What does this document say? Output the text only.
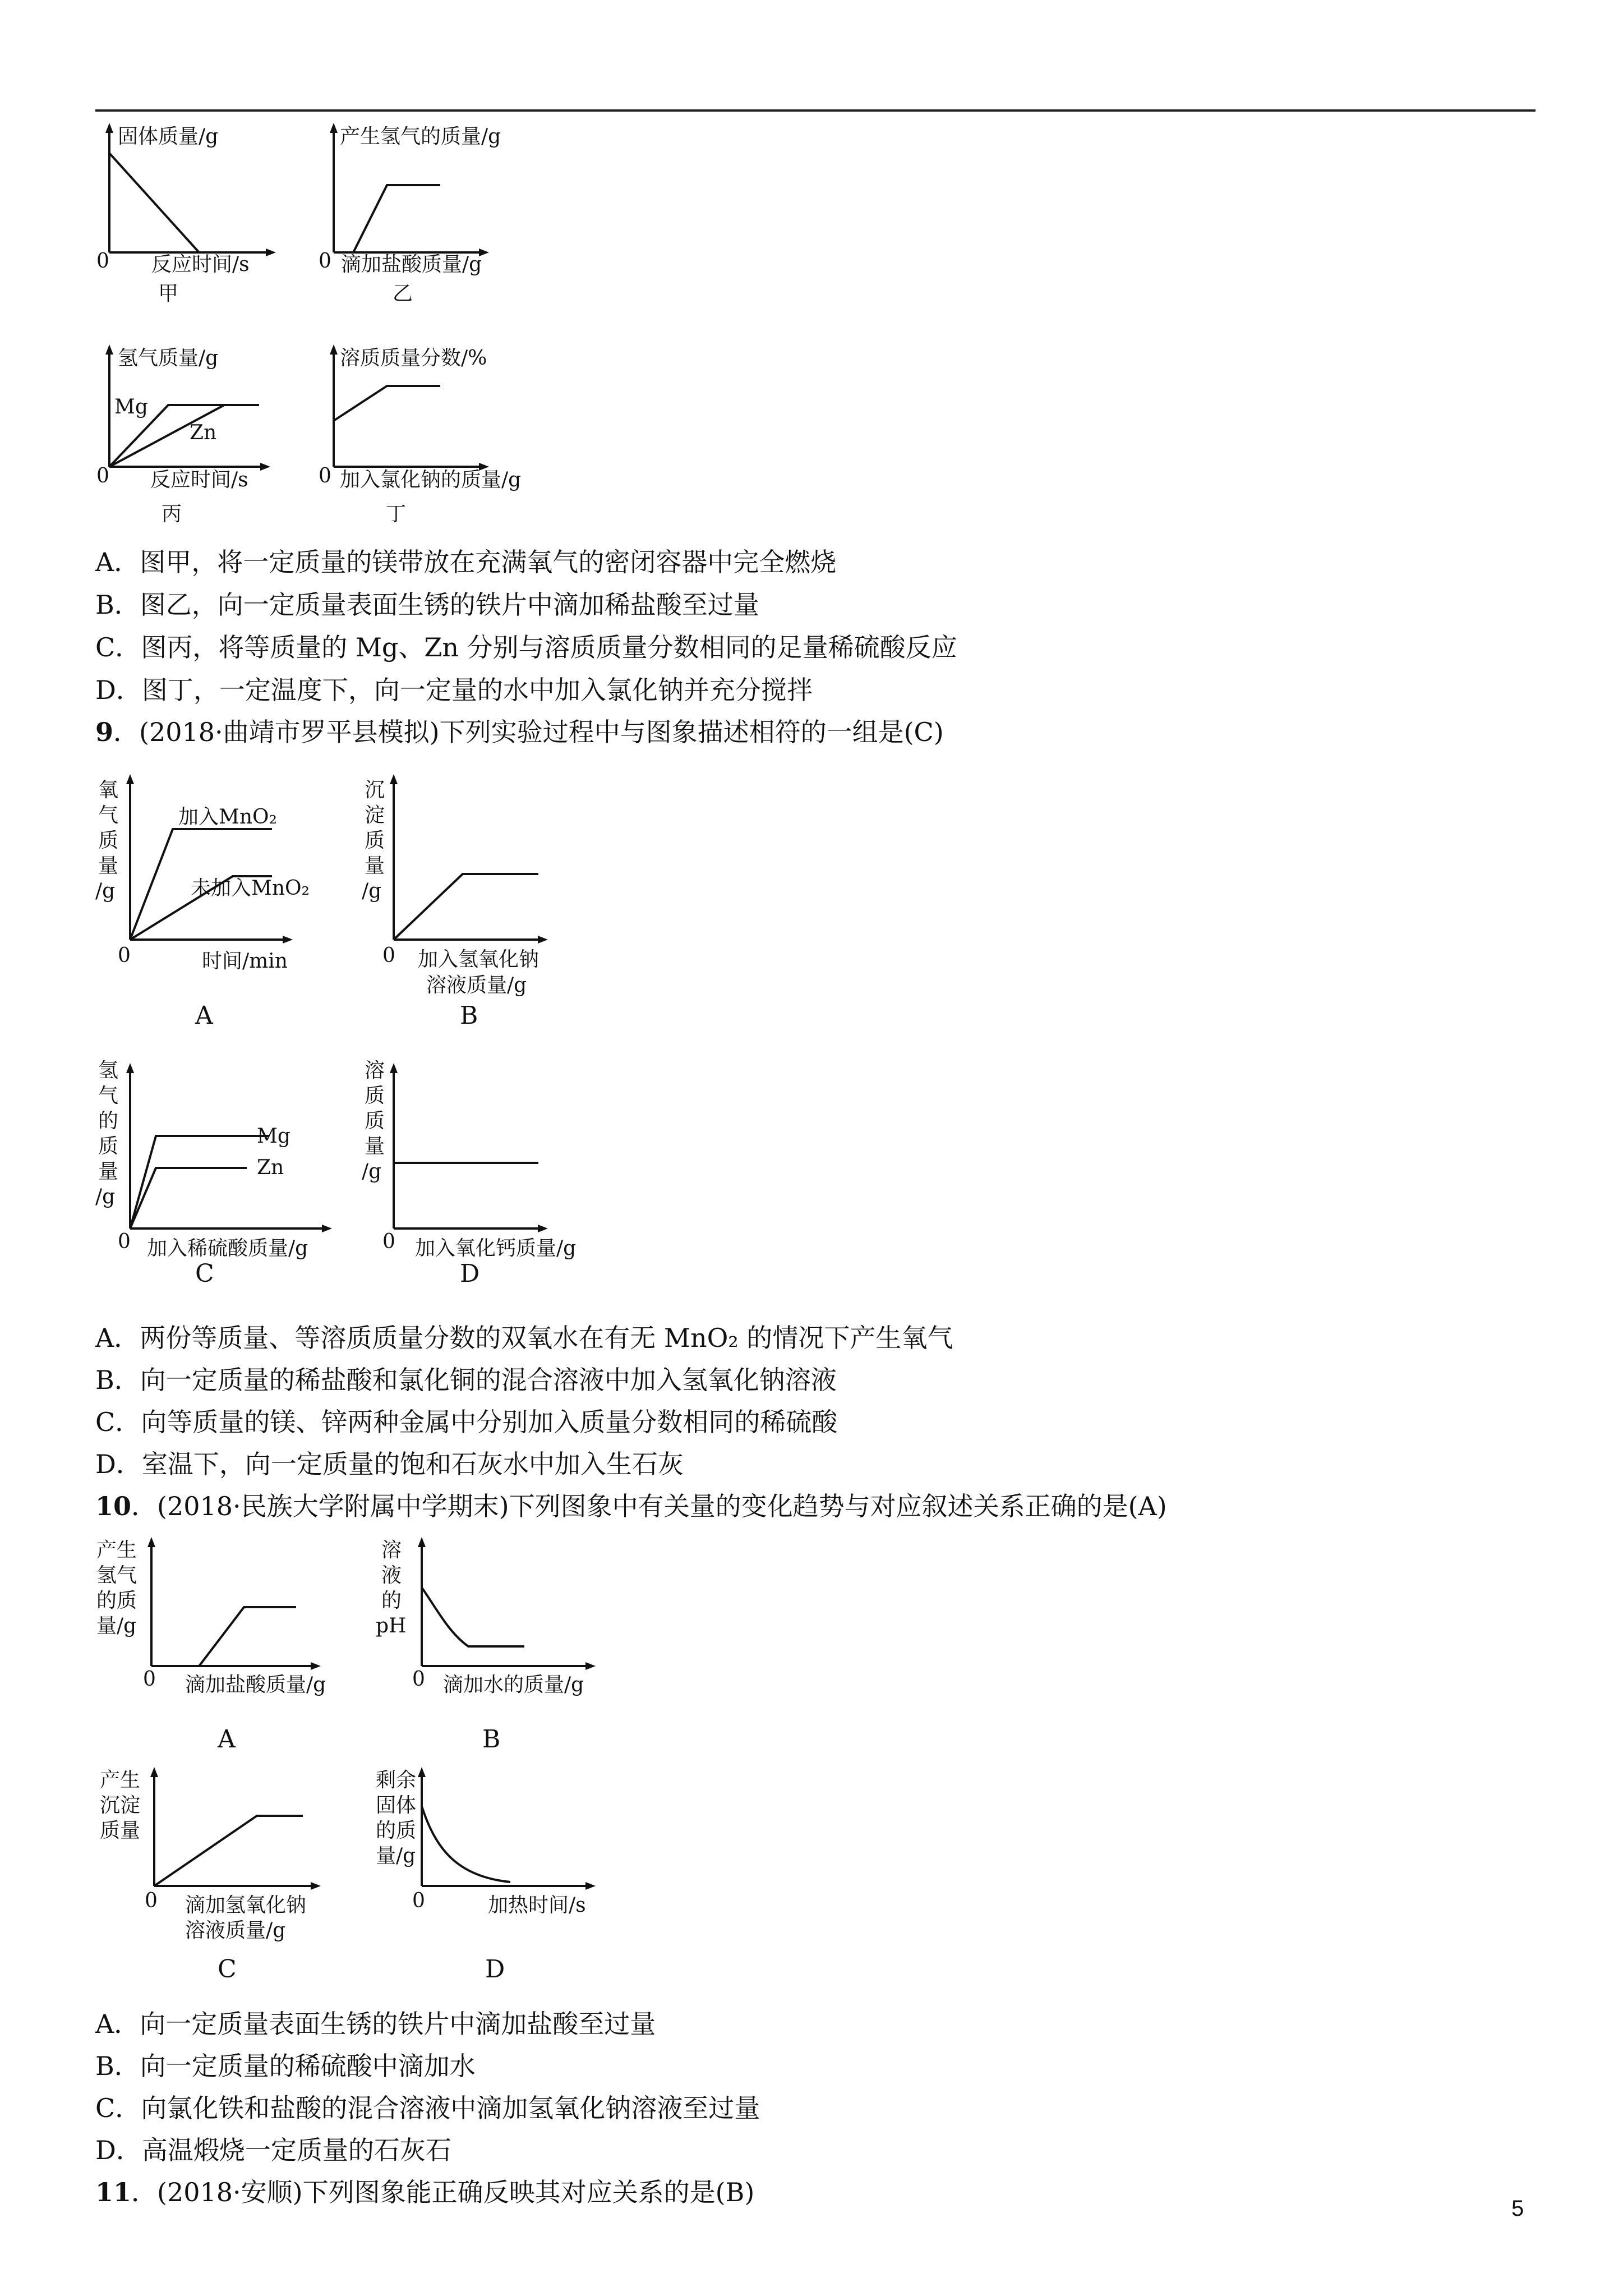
固体质量/g
0 反应时间/s
甲
产生氢气的质量/g
0 滴加盐酸质量/g
乙
氢气质量/g
Mg
Zn
0 反应时间/s
丙
溶质质量分数/%
0 加入氯化钠的质量/g
丁
A．图甲，将一定质量的镁带放在充满氧气的密闭容器中完全燃烧
B．图乙，向一定质量表面生锈的铁片中滴加稀盐酸至过量
C．图丙，将等质量的 Mg、Zn 分别与溶质质量分数相同的足量稀硫酸反应
D．图丁，一定温度下，向一定量的水中加入氯化钠并充分搅拌
9．(2018·曲靖市罗平县模拟)下列实验过程中与图象描述相符的一组是(C)
氧
气
质
量
/g
加入MnO₂
未加入MnO₂
0	时间/min
A
沉
淀
质
量
/g
0 加入氢氧化钠
溶液质量/g
B
氢
气
的
质
量
/g
Mg
Zn
0 加入稀硫酸质量/g
C
溶
质
质
量
/g
0 加入氧化钙质量/g
D
A．两份等质量、等溶质质量分数的双氧水在有无 MnO₂ 的情况下产生氧气
B．向一定质量的稀盐酸和氯化铜的混合溶液中加入氢氧化钠溶液
C．向等质量的镁、锌两种金属中分别加入质量分数相同的稀硫酸
D．室温下，向一定质量的饱和石灰水中加入生石灰
10．(2018·民族大学附属中学期末)下列图象中有关量的变化趋势与对应叙述关系正确的是(A)
产生
氢气
的质
量/g
0 滴加盐酸质量/g
A
溶
液
的
pH
0 滴加水的质量/g
B
产生
沉淀
质量
0 滴加氢氧化钠
溶液质量/g
C
剩余
固体
的质
量/g
0	加热时间/s
D
A．向一定质量表面生锈的铁片中滴加盐酸至过量
B．向一定质量的稀硫酸中滴加水
C．向氯化铁和盐酸的混合溶液中滴加氢氧化钠溶液至过量
D．高温煅烧一定质量的石灰石
11．(2018·安顺)下列图象能正确反映其对应关系的是(B)
5
